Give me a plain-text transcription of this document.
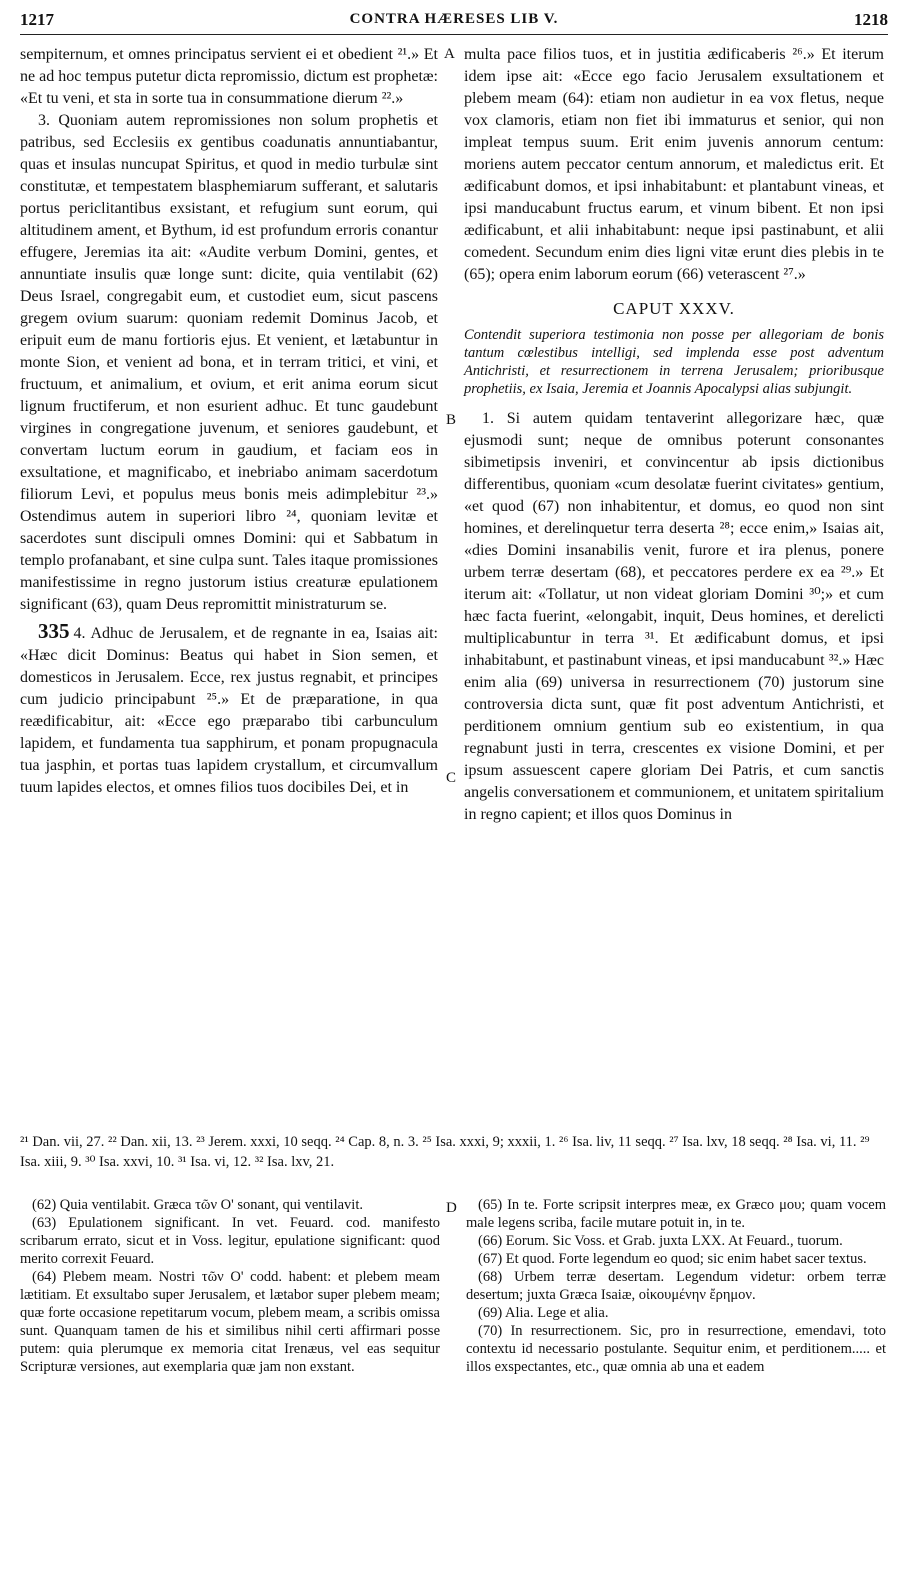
1217	CONTRA HÆRESES LIB V.	1218
A
B
C
D

sempiternum, et omnes principatus servient ei et obedient ²¹.» Et ne ad hoc tempus putetur dicta repromissio, dictum est prophetæ: «Et tu veni, et sta in sorte tua in consummatione dierum ²².»

3. Quoniam autem repromissiones non solum prophetis et patribus, sed Ecclesiis ex gentibus coadunatis annuntiabantur, quas et insulas nuncupat Spiritus, et quod in medio turbulæ sint constitutæ, et tempestatem blasphemiarum sufferant, et salutaris portus periclitantibus exsistant, et refugium sunt eorum, qui altitudinem ament, et Bythum, id est profundum erroris conantur effugere, Jeremias ita ait: «Audite verbum Domini, gentes, et annuntiate insulis quæ longe sunt: dicite, quia ventilabit (62) Deus Israel, congregabit eum, et custodiet eum, sicut pascens gregem ovium suarum: quoniam redemit Dominus Jacob, et eripuit eum de manu fortioris ejus. Et venient, et lætabuntur in monte Sion, et venient ad bona, et in terram tritici, et vini, et fructuum, et animalium, et ovium, et erit anima eorum sicut lignum fructiferum, et non esurient adhuc. Et tunc gaudebunt virgines in congregatione juvenum, et seniores gaudebunt, et convertam luctum eorum in gaudium, et faciam eos in exsultatione, et magnificabo, et inebriabo animam sacerdotum filiorum Levi, et populus meus bonis meis adimplebitur ²³.» Ostendimus autem in superiori libro ²⁴, quoniam levitæ et sacerdotes sunt discipuli omnes Domini: qui et Sabbatum in templo profanabant, et sine culpa sunt. Tales itaque promissiones manifestissime in regno justorum istius creaturæ epulationem significant (63), quam Deus repromittit ministraturum se.

335 4. Adhuc de Jerusalem, et de regnante in ea, Isaias ait: «Hæc dicit Dominus: Beatus qui habet in Sion semen, et domesticos in Jerusalem. Ecce, rex justus regnabit, et principes cum judicio principabunt ²⁵.» Et de præparatione, in qua reædificabitur, ait: «Ecce ego præparabo tibi carbunculum lapidem, et fundamenta tua sapphirum, et ponam propugnacula tua jasphin, et portas tuas lapidem crystallum, et circumvallum tuum lapides electos, et omnes filios tuos docibiles Dei, et in

multa pace filios tuos, et in justitia ædificaberis ²⁶.» Et iterum idem ipse ait: «Ecce ego facio Jerusalem exsultationem et plebem meam (64): etiam non audietur in ea vox fletus, neque vox clamoris, etiam non fiet ibi immaturus et senior, qui non impleat tempus suum. Erit enim juvenis annorum centum: moriens autem peccator centum annorum, et maledictus erit. Et ædificabunt domos, et ipsi inhabitabunt: et plantabunt vineas, et ipsi manducabunt fructus earum, et vinum bibent. Et non ipsi ædificabunt, et alii inhabitabunt: neque ipsi pastinabunt, et alii comedent. Secundum enim dies ligni vitæ erunt dies plebis in te (65); opera enim laborum eorum (66) veterascent ²⁷.»

CAPUT XXXV.
Contendit superiora testimonia non posse per allegoriam de bonis tantum cœlestibus intelligi, sed implenda esse post adventum Antichristi, et resurrectionem in terrena Jerusalem; prioribusque prophetiis, ex Isaia, Jeremia et Joannis Apocalypsi alias subjungit.

1. Si autem quidam tentaverint allegorizare hæc, quæ ejusmodi sunt; neque de omnibus poterunt consonantes sibimetipsis inveniri, et convincentur ab ipsis dictionibus differentibus, quoniam «cum desolatæ fuerint civitates» gentium, «et quod (67) non inhabitentur, et domus, eo quod non sint homines, et derelinquetur terra deserta ²⁸; ecce enim,» Isaias ait, «dies Domini insanabilis venit, furore et ira plenus, ponere urbem terræ desertam (68), et peccatores perdere ex ea ²⁹.» Et iterum ait: «Tollatur, ut non videat gloriam Domini ³⁰;» et cum hæc facta fuerint, «elongabit, inquit, Deus homines, et derelicti multiplicabuntur in terra ³¹. Et ædificabunt domus, et ipsi inhabitabunt, et pastinabunt vineas, et ipsi manducabunt ³².» Hæc enim alia (69) universa in resurrectionem (70) justorum sine controversia dicta sunt, quæ fit post adventum Antichristi, et perditionem omnium gentium sub eo existentium, in qua regnabunt justi in terra, crescentes ex visione Domini, et per ipsum assuescent capere gloriam Dei Patris, et cum sanctis angelis conversationem et communionem, et unitatem spiritalium in regno capient; et illos quos Dominus in

²¹ Dan. vii, 27. ²² Dan. xii, 13. ²³ Jerem. xxxi, 10 seqq. ²⁴ Cap. 8, n. 3. ²⁵ Isa. xxxi, 9; xxxii, 1. ²⁶ Isa. liv, 11 seqq. ²⁷ Isa. lxv, 18 seqq. ²⁸ Isa. vi, 11. ²⁹ Isa. xiii, 9. ³⁰ Isa. xxvi, 10. ³¹ Isa. vi, 12. ³² Isa. lxv, 21.

(62) Quia ventilabit. Græca τῶν Ο' sonant, qui ventilavit.

(63) Epulationem significant. In vet. Feuard. cod. manifesto scribarum errato, sicut et in Voss. legitur, epulatione significant: quod merito correxit Feuard.

(64) Plebem meam. Nostri τῶν Ο' codd. habent: et plebem meam lætitiam. Et exsultabo super Jerusalem, et lætabor super plebem meam; quæ forte occasione repetitarum vocum, plebem meam, a scribis omissa sunt. Quanquam tamen de his et similibus nihil certi affirmari posse putem: quia plerumque ex memoria citat Irenæus, vel eas sequitur Scripturæ versiones, aut exemplaria quæ jam non exstant.

(65) In te. Forte scripsit interpres meæ, ex Græco μου; quam vocem male legens scriba, facile mutare potuit in, in te.

(66) Eorum. Sic Voss. et Grab. juxta LXX. At Feuard., tuorum.

(67) Et quod. Forte legendum eo quod; sic enim habet sacer textus.

(68) Urbem terræ desertam. Legendum videtur: orbem terræ desertum; juxta Græca Isaiæ, οἰκουμένην ἔρημον.

(69) Alia. Lege et alia.

(70) In resurrectionem. Sic, pro in resurrectione, emendavi, toto contextu id necessario postulante. Sequitur enim, et perditionem..... et illos exspectantes, etc., quæ omnia ab una et eadem
